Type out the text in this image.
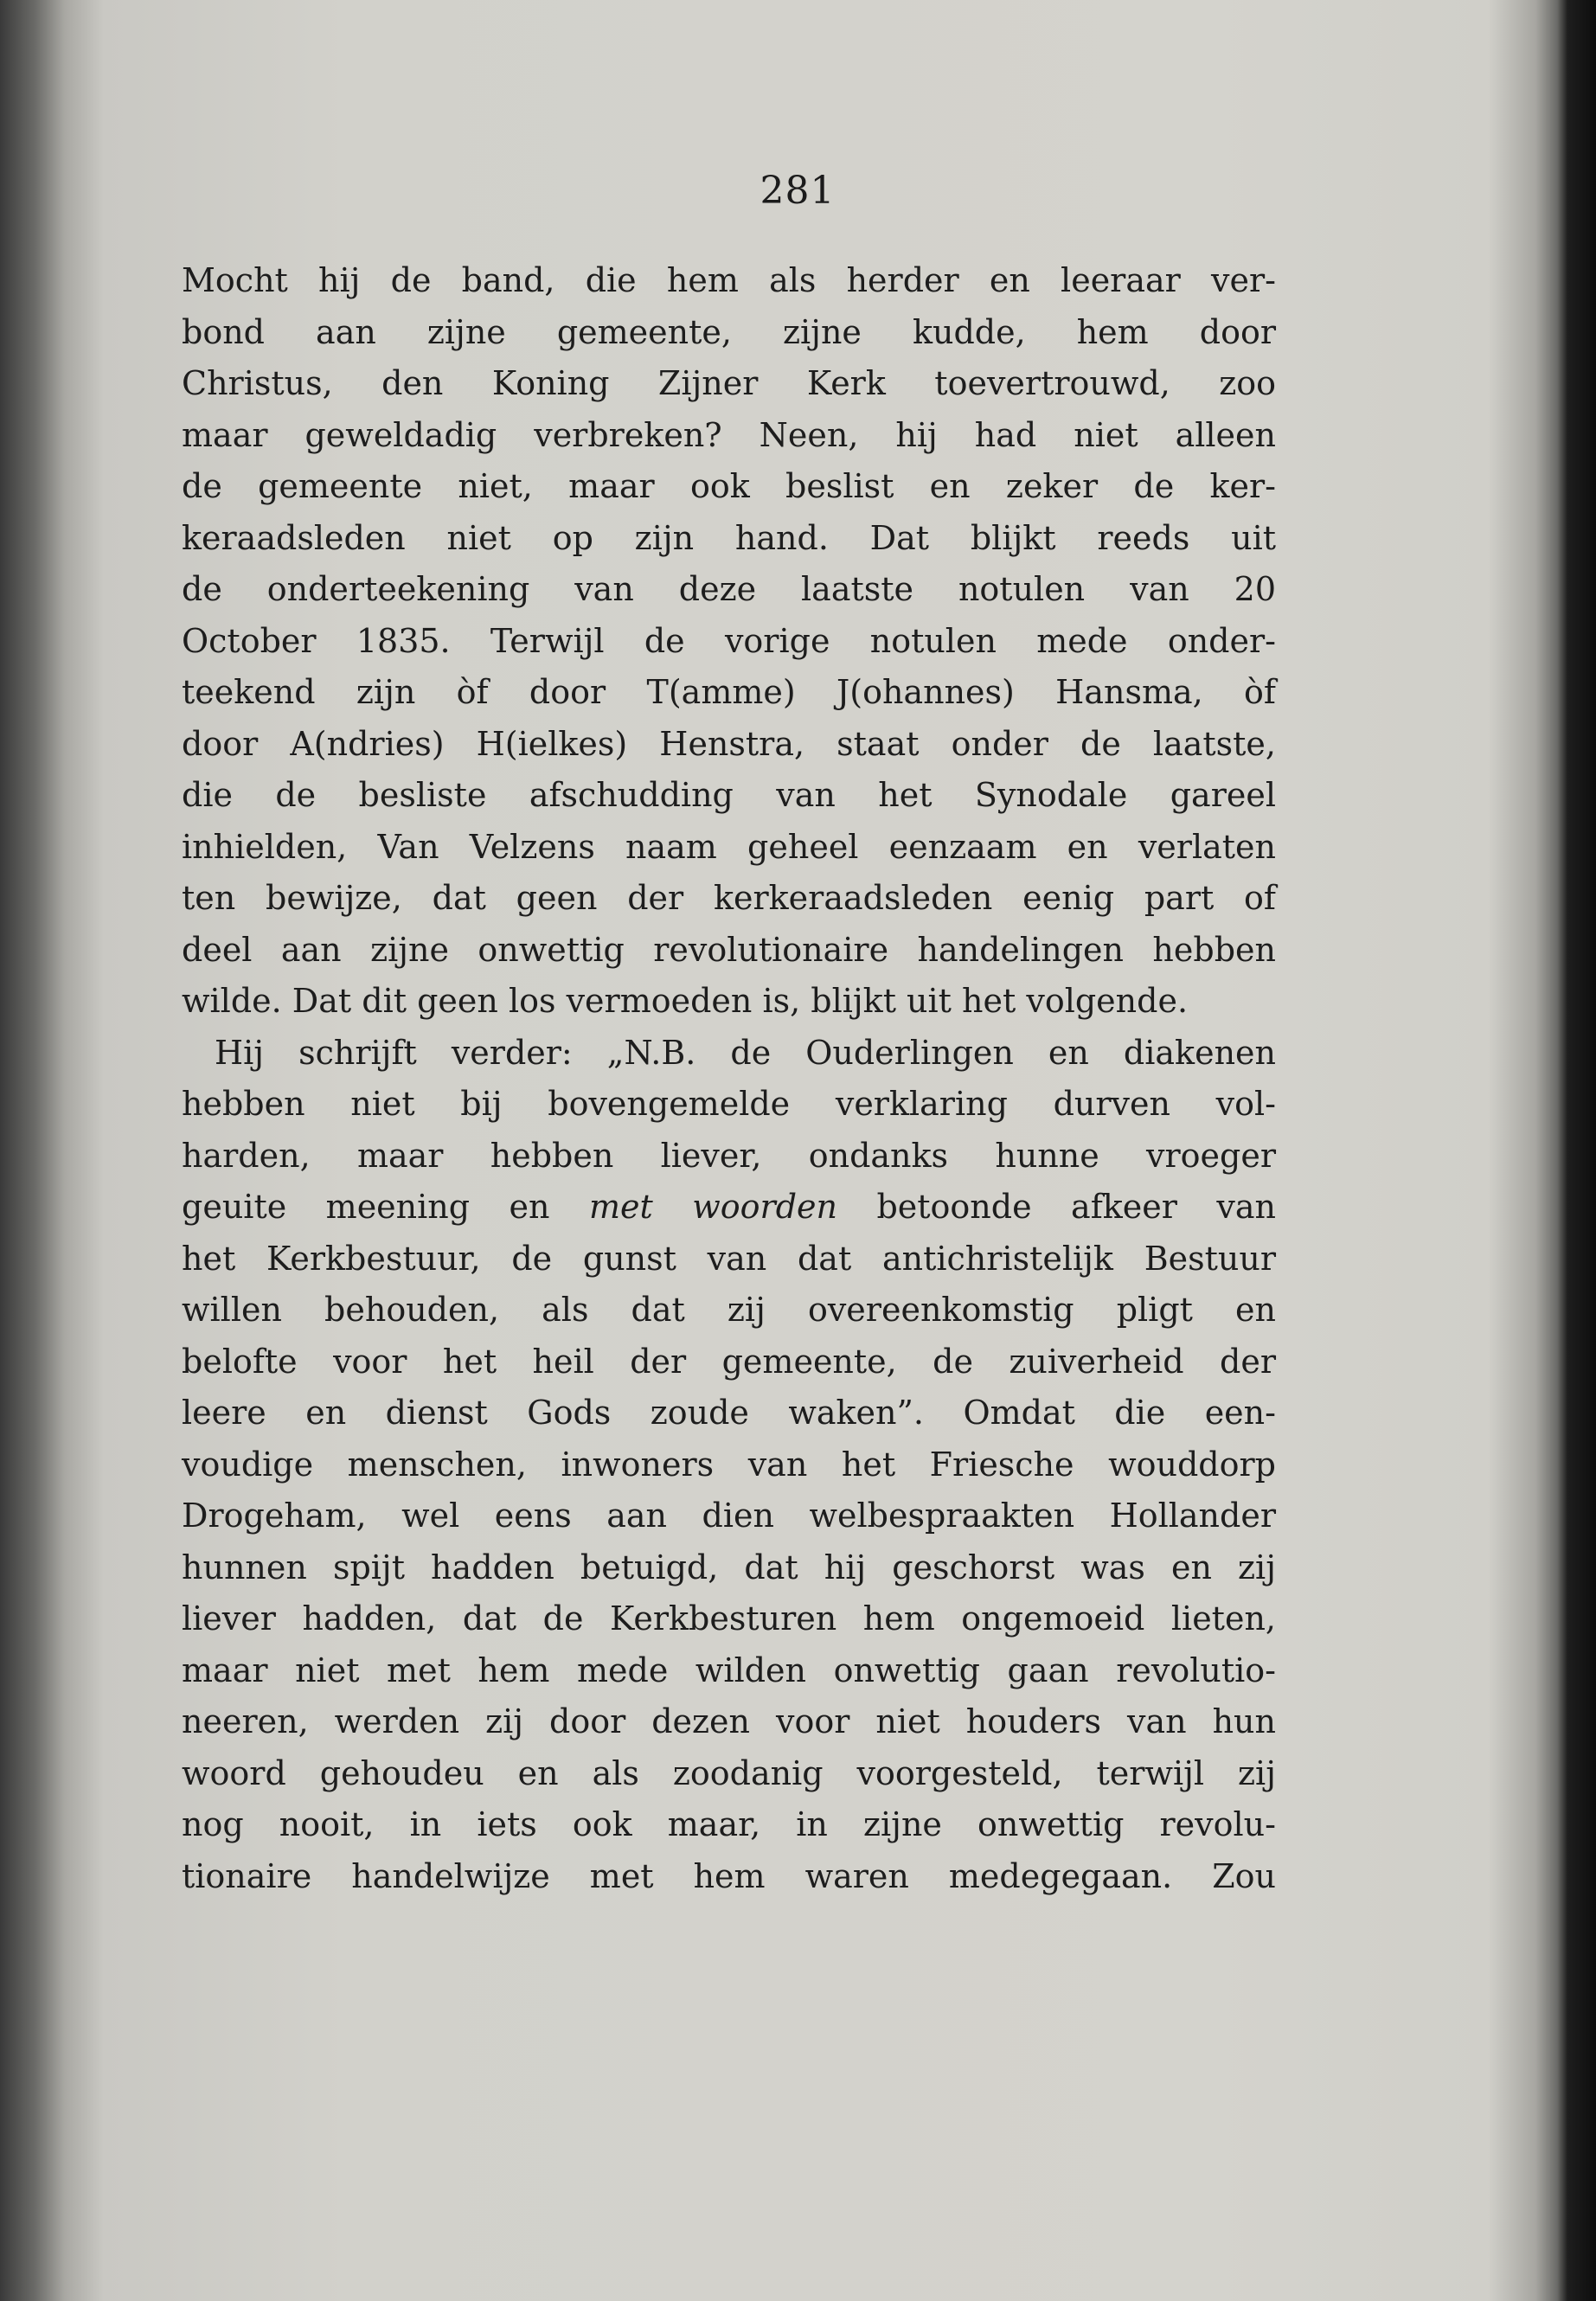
281
Mocht hij de band, die hem als herder en leeraar ver-
bond aan zijne gemeente, zijne kudde, hem door
Christus, den Koning Zijner Kerk toevertrouwd, zoo
maar geweldadig verbreken? Neen, hij had niet alleen
de gemeente niet, maar ook beslist en zeker de ker-
keraadsleden niet op zijn hand. Dat blijkt reeds uit
de onderteekening van deze laatste notulen van 20
October 1835. Terwijl de vorige notulen mede onder-
teekend zijn òf door T(amme) J(ohannes) Hansma, òf
door A(ndries) H(ielkes) Henstra, staat onder de laatste,
die de besliste afschudding van het Synodale gareel
inhielden, Van Velzens naam geheel eenzaam en verlaten
ten bewijze, dat geen der kerkeraadsleden eenig part of
deel aan zijne onwettig revolutionaire handelingen hebben
wilde. Dat dit geen los vermoeden is, blijkt uit het volgende.
Hij schrijft verder: „N.B. de Ouderlingen en diakenen
hebben niet bij bovengemelde verklaring durven vol-
harden, maar hebben liever, ondanks hunne vroeger
geuite meening en met woorden betoonde afkeer van
het Kerkbestuur, de gunst van dat antichristelijk Bestuur
willen behouden, als dat zij overeenkomstig pligt en
belofte voor het heil der gemeente, de zuiverheid der
leere en dienst Gods zoude waken”. Omdat die een-
voudige menschen, inwoners van het Friesche wouddorp
Drogeham, wel eens aan dien welbespraakten Hollander
hunnen spijt hadden betuigd, dat hij geschorst was en zij
liever hadden, dat de Kerkbesturen hem ongemoeid lieten,
maar niet met hem mede wilden onwettig gaan revolutio-
neeren, werden zij door dezen voor niet houders van hun
woord gehoudeu en als zoodanig voorgesteld, terwijl zij
nog nooit, in iets ook maar, in zijne onwettig revolu-
tionaire handelwijze met hem waren medegegaan. Zou
